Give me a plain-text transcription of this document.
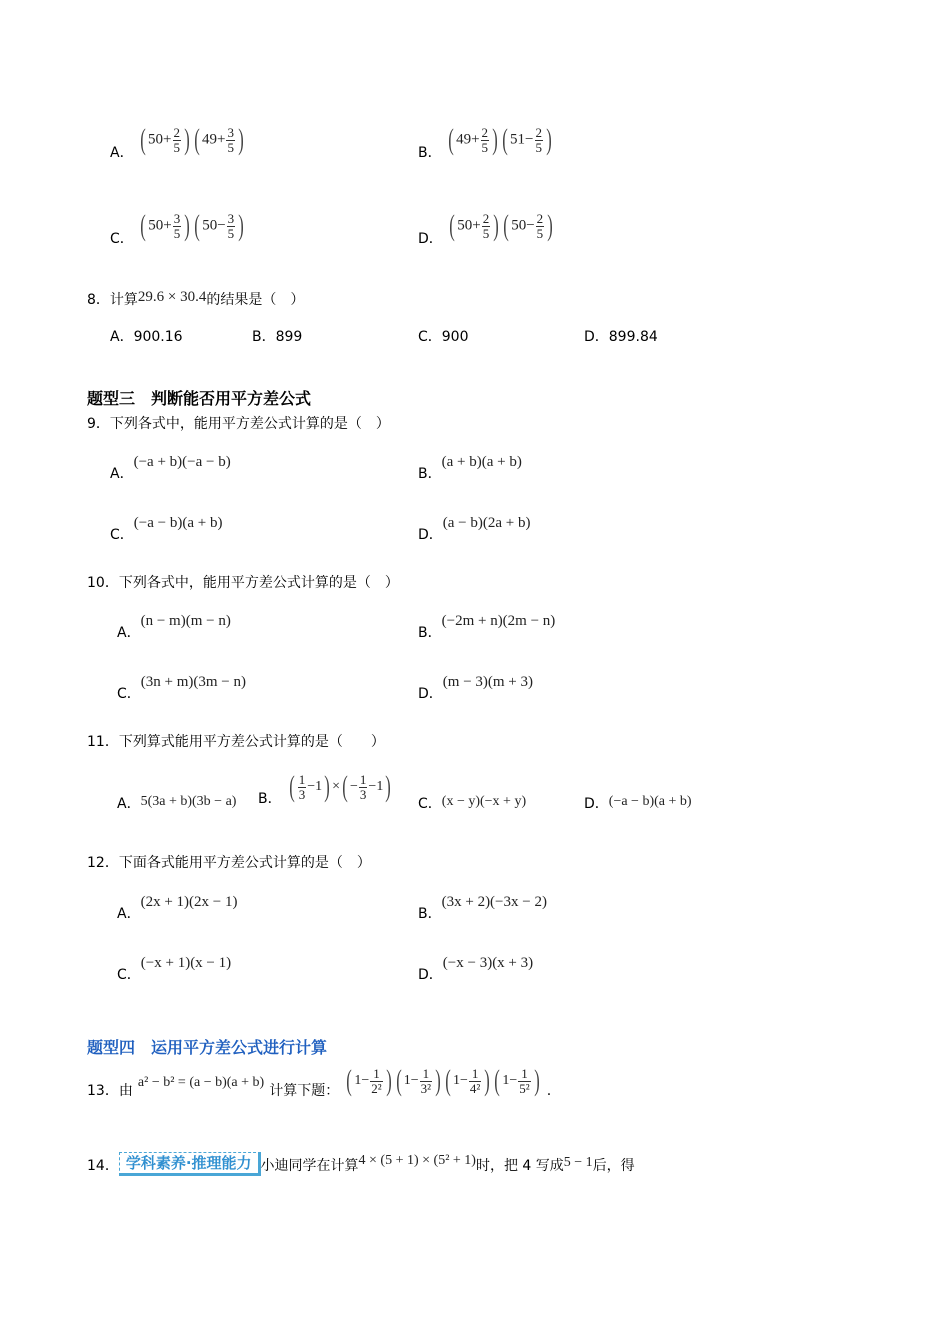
A． ( $50+ \frac{2}{5}$ ) ( $49+ \frac{3}{5}$ )	B． ( $49+ \frac{2}{5}$ ) ( $51- \frac{2}{5}$ )
C． ( $50+ \frac{3}{5}$ ) ( $50- \frac{3}{5}$ )	D． ( $50+ \frac{2}{5}$ ) ( $50- \frac{2}{5}$ )
8．计算29.6 × 30.4的结果是（　）
A．900.16	B．899	C．900	D．899.84
题型三　判断能否用平方差公式
9．下列各式中，能用平方差公式计算的是（　）
A．(−a + b)(−a − b)
B．(a + b)(a + b)
C．(−a − b)(a + b)
D．(a − b)(2a + b)
10．下列各式中，能用平方差公式计算的是（　）
A．(n − m)(m − n)
B．(−2m + n)(2m − n)
C．(3n + m)(3m − n)
D．(m − 3)(m + 3)
11．下列算式能用平方差公式计算的是（　　）
A．5(3a + b)(3b − a) B． ( $\frac{1}{3} -1$) ×( − $\frac{1}{3} -1$)
C．(x − y)(−x + y)	D．(−a − b)(a + b)
12．下面各式能用平方差公式计算的是（　）
A．(2x + 1)(2x − 1)
B．(3x + 2)(−3x − 2)
C．(−x + 1)(x − 1)
D．(−x − 3)(x + 3)
题型四　运用平方差公式进行计算
13．由 a² − b² = (a − b)(a + b) 计算下题： ( $1- \frac{1}{\text{2²}}$ ) ( $1- \frac{1}{\text{3²}}$ ) ( $1- \frac{1}{\text{4²}}$ ) ( $1- \frac{1}{\text{5²}}$ ) .
14． 学科素养·推理能力 小迪同学在计算4 × (5 + 1) × (5² + 1)时，把 4 写成5 − 1后，得
